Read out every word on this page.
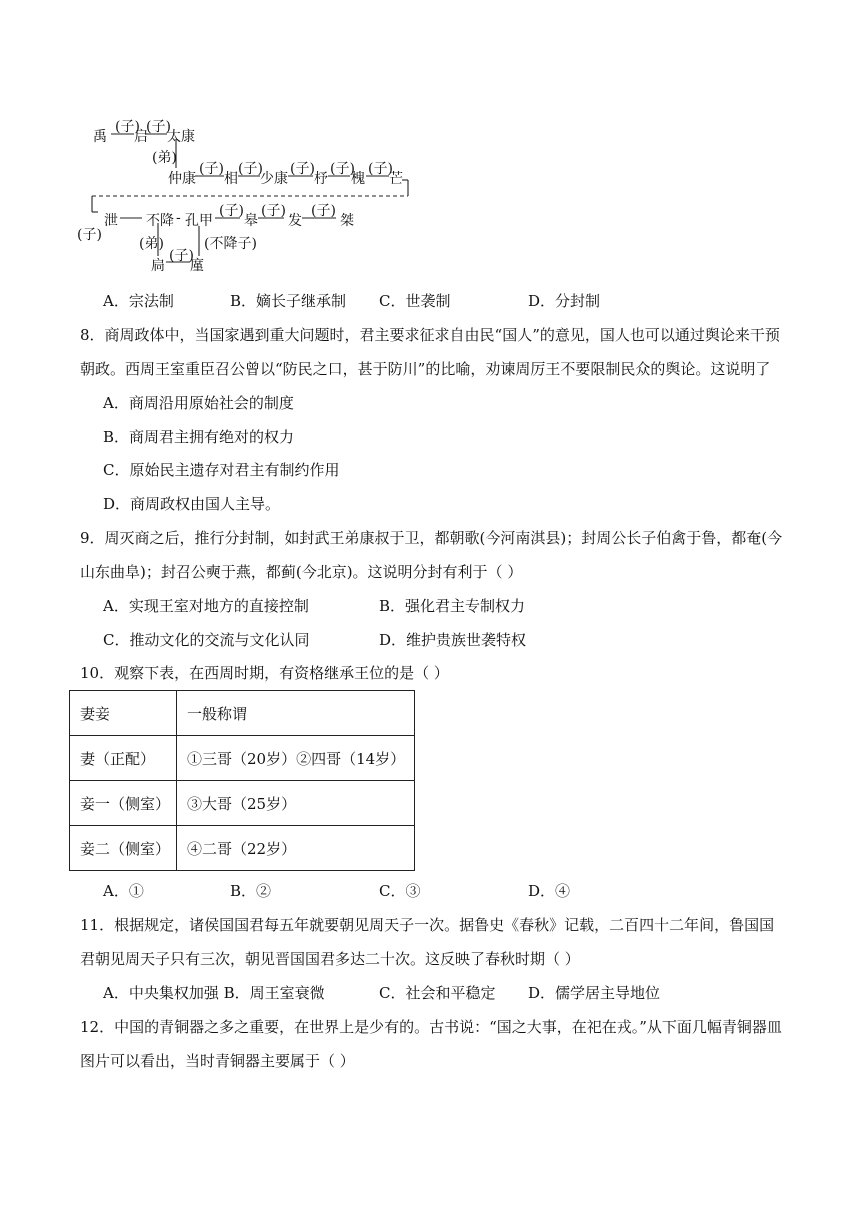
禹
(子)
启
(子)
太康
(弟)
仲康
(子)
相
(子)
少康
(子)
杼
(子)
槐
(子)
芒
(子)
泄 不降 - 孔甲
(子)
皋
(子)
发
(子)
桀
(弟)	(不降子)
扃
(子)
廑
A．宗法制	B．嫡长子继承制 C．世袭制	D．分封制
8．商周政体中，当国家遇到重大问题时，君主要求征求自由民“国人”的意见，国人也可以通过舆论来干预
朝政。西周王室重臣召公曾以“防民之口，甚于防川”的比喻，劝谏周厉王不要限制民众的舆论。这说明了
A．商周沿用原始社会的制度
B．商周君主拥有绝对的权力
C．原始民主遗存对君主有制约作用
D．商周政权由国人主导。
9．周灭商之后，推行分封制，如封武王弟康叔于卫，都朝歌(今河南淇县)；封周公长子伯禽于鲁，都奄(今
山东曲阜)；封召公奭于燕，都蓟(今北京)。这说明分封有利于（ ）
A．实现王室对地方的直接控制	B．强化君主专制权力
C．推动文化的交流与文化认同	D．维护贵族世袭特权
10．观察下表，在西周时期，有资格继承王位的是（ ）
妻妾	一般称谓
妻（正配）	①三哥（20岁）②四哥（14岁）
妾一（侧室）	③大哥（25岁）
妾二（侧室）	④二哥（22岁）
A．①	B．②	C．③	D．④
11．根据规定，诸侯国国君每五年就要朝见周天子一次。据鲁史《春秋》记载，二百四十二年间，鲁国国
君朝见周天子只有三次，朝见晋国国君多达二十次。这反映了春秋时期（ ）
A．中央集权加强 B．周王室衰微	C．社会和平稳定 D．儒学居主导地位
12．中国的青铜器之多之重要，在世界上是少有的。古书说：“国之大事，在祀在戎。”从下面几幅青铜器皿
图片可以看出，当时青铜器主要属于（ ）
